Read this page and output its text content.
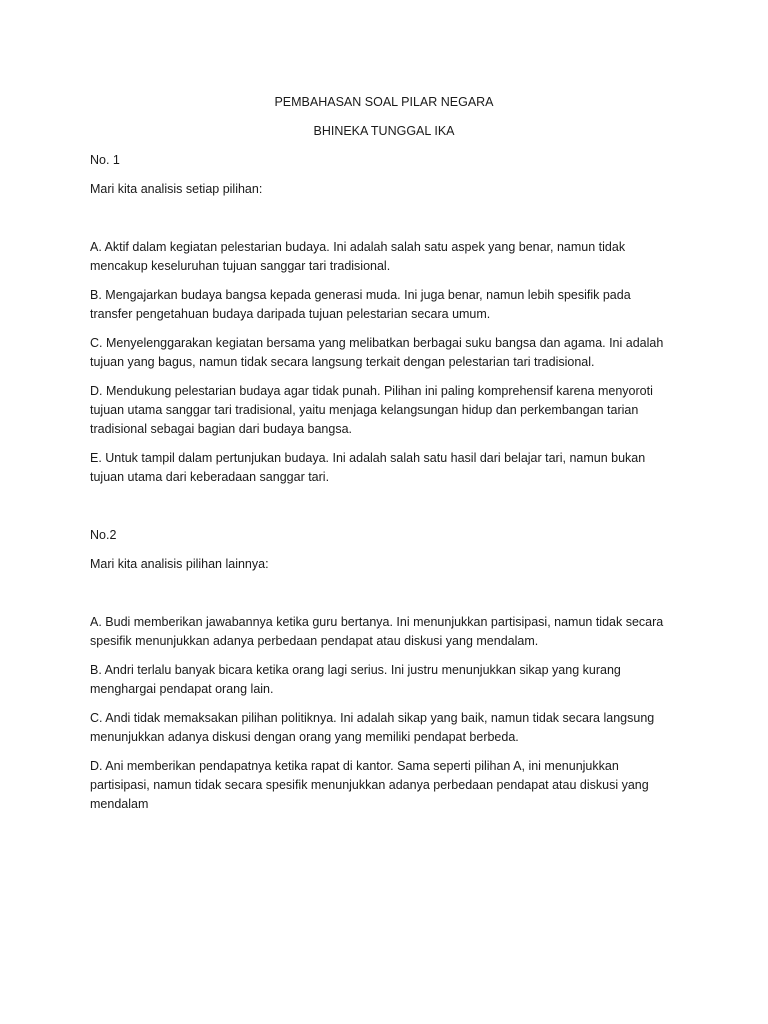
PEMBAHASAN SOAL PILAR NEGARA
BHINEKA TUNGGAL IKA

No. 1

Mari kita analisis setiap pilihan:

A. Aktif dalam kegiatan pelestarian budaya. Ini adalah salah satu aspek yang benar, namun tidak mencakup keseluruhan tujuan sanggar tari tradisional.

B. Mengajarkan budaya bangsa kepada generasi muda. Ini juga benar, namun lebih spesifik pada transfer pengetahuan budaya daripada tujuan pelestarian secara umum.

C. Menyelenggarakan kegiatan bersama yang melibatkan berbagai suku bangsa dan agama. Ini adalah tujuan yang bagus, namun tidak secara langsung terkait dengan pelestarian tari tradisional.

D. Mendukung pelestarian budaya agar tidak punah. Pilihan ini paling komprehensif karena menyoroti tujuan utama sanggar tari tradisional, yaitu menjaga kelangsungan hidup dan perkembangan tarian tradisional sebagai bagian dari budaya bangsa.

E. Untuk tampil dalam pertunjukan budaya. Ini adalah salah satu hasil dari belajar tari, namun bukan tujuan utama dari keberadaan sanggar tari.

No.2

Mari kita analisis pilihan lainnya:

A. Budi memberikan jawabannya ketika guru bertanya. Ini menunjukkan partisipasi, namun tidak secara spesifik menunjukkan adanya perbedaan pendapat atau diskusi yang mendalam.

B. Andri terlalu banyak bicara ketika orang lagi serius. Ini justru menunjukkan sikap yang kurang menghargai pendapat orang lain.

C. Andi tidak memaksakan pilihan politiknya. Ini adalah sikap yang baik, namun tidak secara langsung menunjukkan adanya diskusi dengan orang yang memiliki pendapat berbeda.

D. Ani memberikan pendapatnya ketika rapat di kantor. Sama seperti pilihan A, ini menunjukkan partisipasi, namun tidak secara spesifik menunjukkan adanya perbedaan pendapat atau diskusi yang mendalam
